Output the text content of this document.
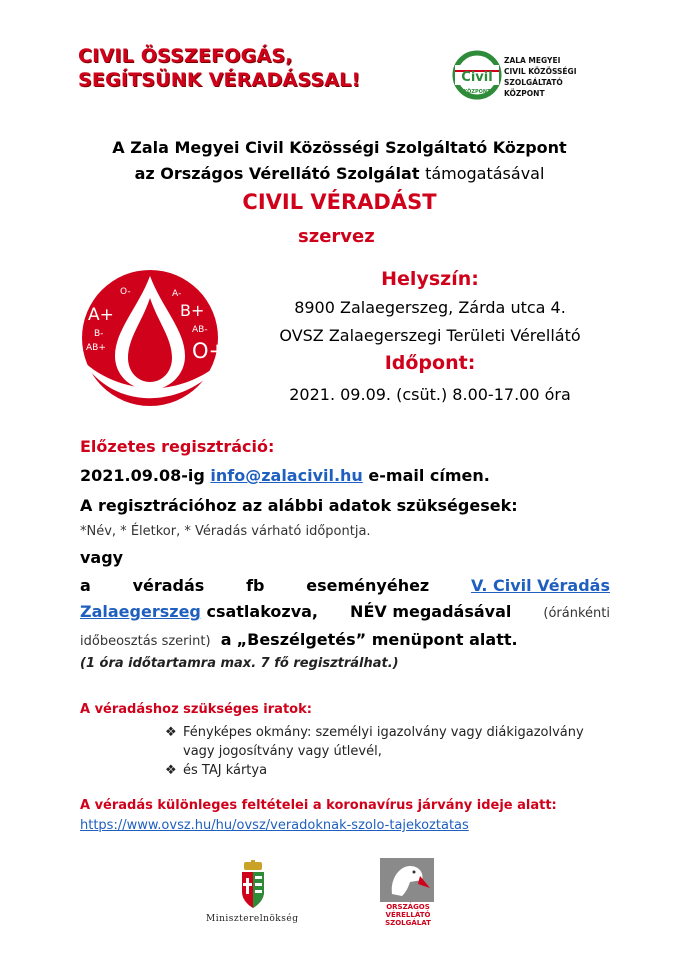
CIVIL ÖSSZEFOGÁS,
SEGÍTSÜNK VÉRADÁSSAL!	Civil
KÖZPONT
ZALA MEGYEI
CIVIL KÖZÖSSÉGI
SZOLGÁLTATÓ KÖZPONT
A Zala Megyei Civil Közösségi Szolgáltató Központ
az Országos Vérellátó Szolgálat támogatásával
CIVIL VÉRADÁST
szervez
A+
O-	A-
B+
B-	AB-
AB+	O+
Helyszín:
8900 Zalaegerszeg, Zárda utca 4.
OVSZ Zalaegerszegi Területi Vérellátó
Időpont:
2021. 09.09. (csüt.) 8.00-17.00 óra
Előzetes regisztráció:
2021.09.08-ig info@zalacivil.hu e-mail címen.
A regisztrációhoz az alábbi adatok szükségesek:
*Név, * Életkor, * Véradás várható időpontja.
vagy
a	véradás	fb	eseményéhez	V. Civil Véradás
Zalaegerszeg csatlakozva, NÉV megadásával (óránkénti
időbeosztás szerint) a „Beszélgetés” menüpont alatt.
(1 óra időtartamra max. 7 fő regisztrálhat.)
A véradáshoz szükséges iratok:
❖ Fényképes okmány: személyi igazolvány vagy diákigazolvány
vagy jogosítvány vagy útlevél,
❖ és TAJ kártya
A véradás különleges feltételei a koronavírus járvány ideje alatt:
https://www.ovsz.hu/hu/ovsz/veradoknak-szolo-tajekoztatas
Miniszterelnökség
ORSZÁGOS
VÉRELLÁTÓ
SZOLGÁLAT
